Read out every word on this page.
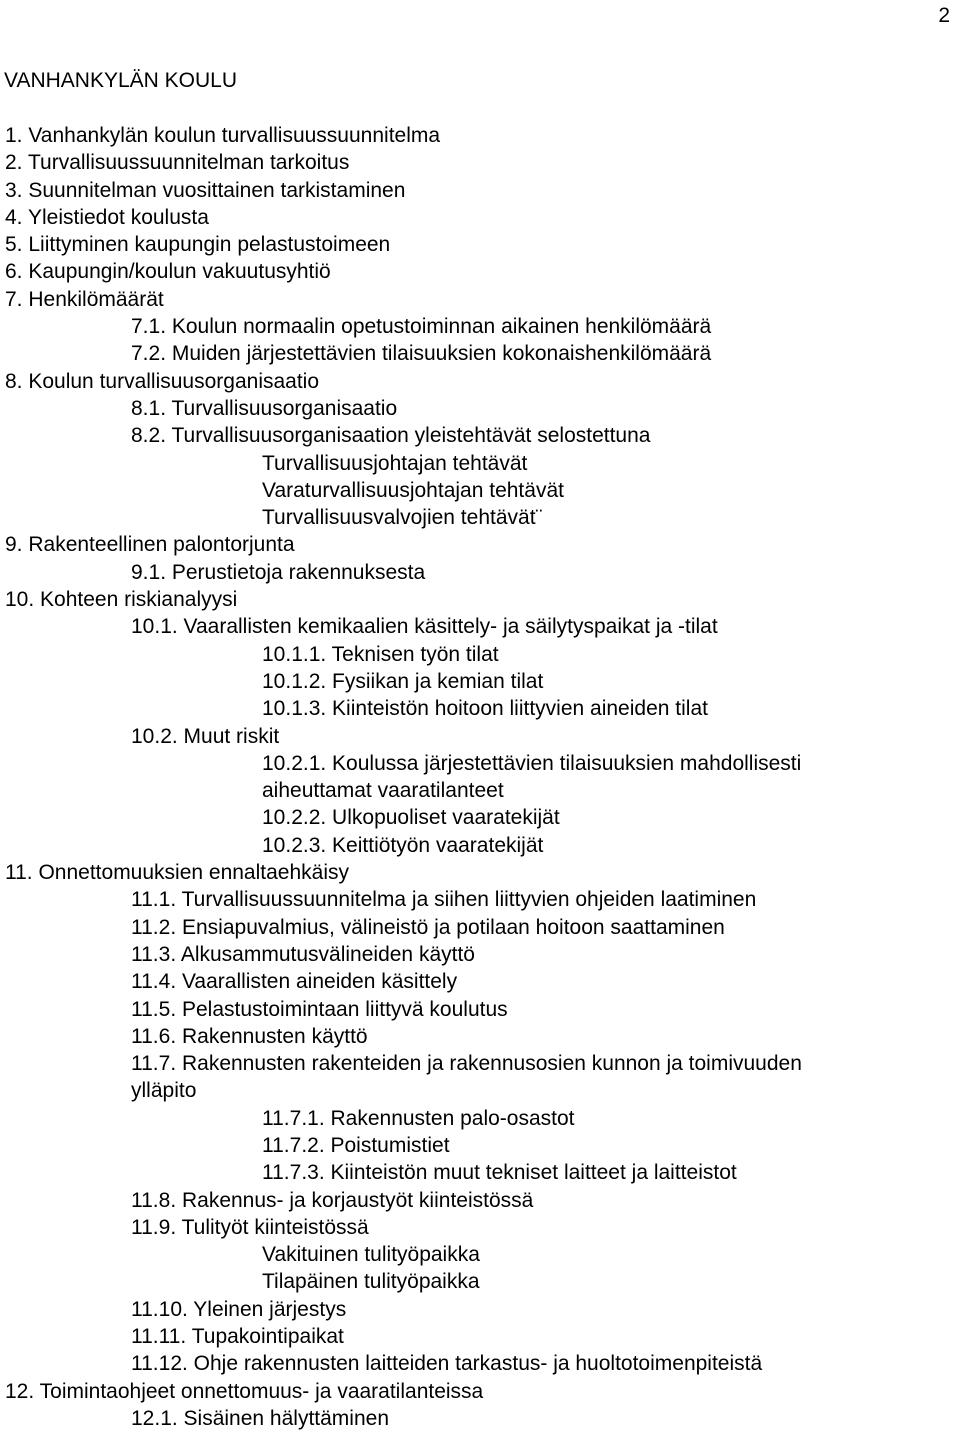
2
VANHANKYLÄN KOULU
1. Vanhankylän koulun turvallisuussuunnitelma
2. Turvallisuussuunnitelman tarkoitus
3. Suunnitelman vuosittainen tarkistaminen
4. Yleistiedot koulusta
5. Liittyminen kaupungin pelastustoimeen
6. Kaupungin/koulun vakuutusyhtiö
7. Henkilömäärät
7.1. Koulun normaalin opetustoiminnan aikainen henkilömäärä
7.2. Muiden järjestettävien tilaisuuksien kokonaishenkilömäärä
8. Koulun turvallisuusorganisaatio
8.1. Turvallisuusorganisaatio
8.2. Turvallisuusorganisaation yleistehtävät selostettuna
Turvallisuusjohtajan tehtävät
Varaturvallisuusjohtajan tehtävät
Turvallisuusvalvojien tehtävät¨
9. Rakenteellinen palontorjunta
9.1. Perustietoja rakennuksesta
10. Kohteen riskianalyysi
10.1. Vaarallisten kemikaalien käsittely- ja säilytyspaikat ja -tilat
10.1.1. Teknisen työn tilat
10.1.2. Fysiikan ja kemian tilat
10.1.3. Kiinteistön hoitoon liittyvien aineiden tilat
10.2. Muut riskit
10.2.1. Koulussa järjestettävien tilaisuuksien mahdollisesti
aiheuttamat vaaratilanteet
10.2.2. Ulkopuoliset vaaratekijät
10.2.3. Keittiötyön vaaratekijät
11. Onnettomuuksien ennaltaehkäisy
11.1. Turvallisuussuunnitelma ja siihen liittyvien ohjeiden laatiminen
11.2. Ensiapuvalmius, välineistö ja potilaan hoitoon saattaminen
11.3. Alkusammutusvälineiden käyttö
11.4. Vaarallisten aineiden käsittely
11.5. Pelastustoimintaan liittyvä koulutus
11.6. Rakennusten käyttö
11.7. Rakennusten rakenteiden ja rakennusosien kunnon ja toimivuuden
ylläpito
11.7.1. Rakennusten palo-osastot
11.7.2. Poistumistiet
11.7.3. Kiinteistön muut tekniset laitteet ja laitteistot
11.8. Rakennus- ja korjaustyöt kiinteistössä
11.9. Tulityöt kiinteistössä
Vakituinen tulityöpaikka
Tilapäinen tulityöpaikka
11.10. Yleinen järjestys
11.11. Tupakointipaikat
11.12. Ohje rakennusten laitteiden tarkastus- ja huoltotoimenpiteistä
12. Toimintaohjeet onnettomuus- ja vaaratilanteissa
12.1. Sisäinen hälyttäminen
